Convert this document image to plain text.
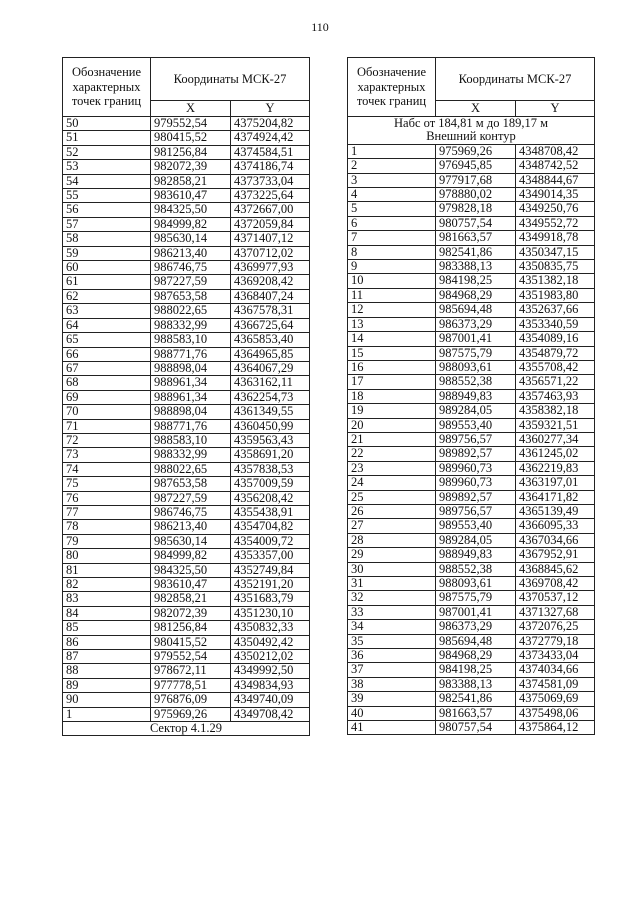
110
Обозначение характерных точек границ	Координаты МСК-27	
	X	Y
50	979552,54	4375204,82
51	980415,52	4374924,42
52	981256,84	4374584,51
53	982072,39	4374186,74
54	982858,21	4373733,04
55	983610,47	4373225,64
56	984325,50	4372667,00
57	984999,82	4372059,84
58	985630,14	4371407,12
59	986213,40	4370712,02
60	986746,75	4369977,93
61	987227,59	4369208,42
62	987653,58	4368407,24
63	988022,65	4367578,31
64	988332,99	4366725,64
65	988583,10	4365853,40
66	988771,76	4364965,85
67	988898,04	4364067,29
68	988961,34	4363162,11
69	988961,34	4362254,73
70	988898,04	4361349,55
71	988771,76	4360450,99
72	988583,10	4359563,43
73	988332,99	4358691,20
74	988022,65	4357838,53
75	987653,58	4357009,59
76	987227,59	4356208,42
77	986746,75	4355438,91
78	986213,40	4354704,82
79	985630,14	4354009,72
80	984999,82	4353357,00
81	984325,50	4352749,84
82	983610,47	4352191,20
83	982858,21	4351683,79
84	982072,39	4351230,10
85	981256,84	4350832,33
86	980415,52	4350492,42
87	979552,54	4350212,02
88	978672,11	4349992,50
89	977778,51	4349834,93
90	976876,09	4349740,09
1	975969,26	4349708,42
Сектор 4.1.29		
Обозначение характерных точек границ	Координаты МСК-27	
	X	Y
Набс от 184,81 м до 189,17 м		
Внешний контур		
1	975969,26	4348708,42
2	976945,85	4348742,52
3	977917,68	4348844,67
4	978880,02	4349014,35
5	979828,18	4349250,76
6	980757,54	4349552,72
7	981663,57	4349918,78
8	982541,86	4350347,15
9	983388,13	4350835,75
10	984198,25	4351382,18
11	984968,29	4351983,80
12	985694,48	4352637,66
13	986373,29	4353340,59
14	987001,41	4354089,16
15	987575,79	4354879,72
16	988093,61	4355708,42
17	988552,38	4356571,22
18	988949,83	4357463,93
19	989284,05	4358382,18
20	989553,40	4359321,51
21	989756,57	4360277,34
22	989892,57	4361245,02
23	989960,73	4362219,83
24	989960,73	4363197,01
25	989892,57	4364171,82
26	989756,57	4365139,49
27	989553,40	4366095,33
28	989284,05	4367034,66
29	988949,83	4367952,91
30	988552,38	4368845,62
31	988093,61	4369708,42
32	987575,79	4370537,12
33	987001,41	4371327,68
34	986373,29	4372076,25
35	985694,48	4372779,18
36	984968,29	4373433,04
37	984198,25	4374034,66
38	983388,13	4374581,09
39	982541,86	4375069,69
40	981663,57	4375498,06
41	980757,54	4375864,12
